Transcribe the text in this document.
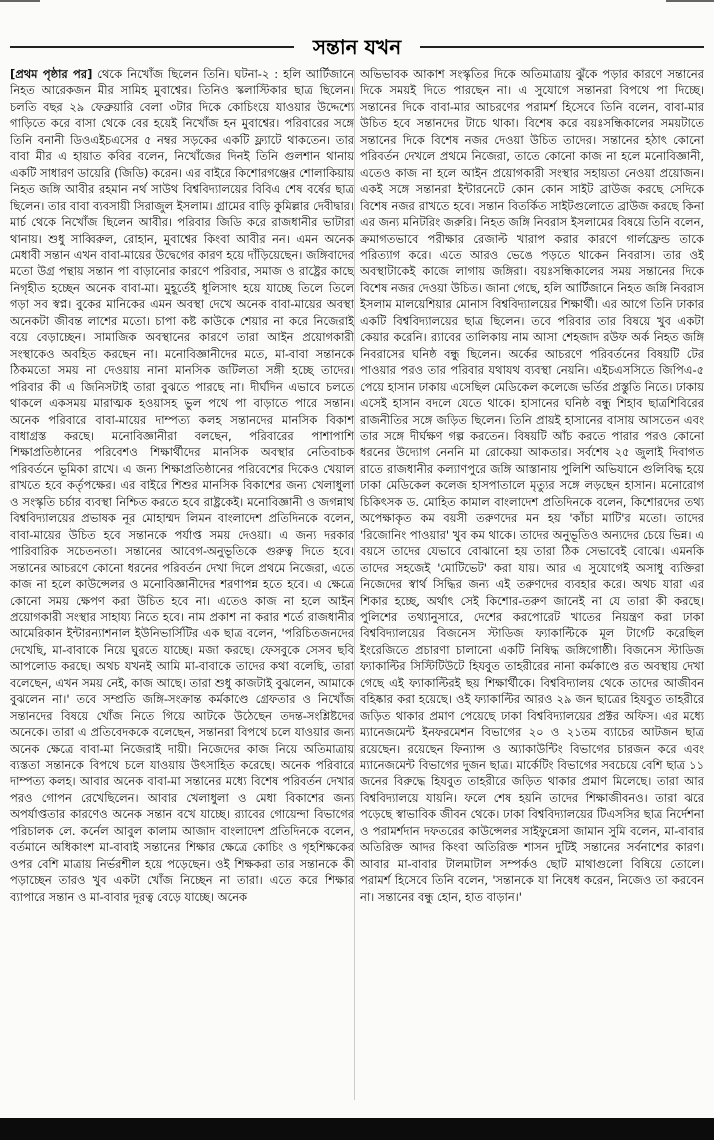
সন্তান যখন

[প্রথম পৃষ্ঠার পর] থেকে নিখোঁজ ছিলেন তিনি। ঘটনা-২ : হলি আর্টিজানে নিহত আরেকজন মীর সামিহ মুবাশ্বের। তিনিও স্কলাস্টিকার ছাত্র ছিলেন। চলতি বছর ২৯ ফেব্রুয়ারি বেলা ৩টার দিকে কোচিংয়ে যাওয়ার উদ্দেশ্যে গাড়িতে করে বাসা থেকে বের হয়েই নিখোঁজ হন মুবাশ্বের। পরিবারের সঙ্গে তিনি বনানী ডিওএইচএসের ৫ নম্বর সড়কের একটি ফ্ল্যাটে থাকতেন। তার বাবা মীর এ হায়াত কবির বলেন, নিখোঁজের দিনই তিনি গুলশান থানায় একটি সাধারণ ডায়েরি (জিডি) করেন। এর বাইরে কিশোরগঞ্জের শোলাকিয়ায় নিহত জঙ্গি আবীর রহমান নর্থ সাউথ বিশ্ববিদ্যালয়ের বিবিএ শেষ বর্ষের ছাত্র ছিলেন। তার বাবা ব্যবসায়ী সিরাজুল ইসলাম। গ্রামের বাড়ি কুমিল্লার দেবীদ্বার। মার্চ থেকে নিখোঁজ ছিলেন আবীর। পরিবার জিডি করে রাজধানীর ভাটারা থানায়। শুধু সাব্বিরুল, রোহান, মুবাশ্বের কিংবা আবীর নন। এমন অনেক মেধাবী সন্তান এখন বাবা-মায়ের উদ্বেগের কারণ হয়ে দাঁড়িয়েছেন। জঙ্গিবাদের মতো উগ্র পন্থায় সন্তান পা বাড়ানোর কারণে পরিবার, সমাজ ও রাষ্ট্রের কাছে নিগৃহীত হচ্ছেন অনেক বাবা-মা। মুহূর্তেই ধূলিসাৎ হয়ে যাচ্ছে তিলে তিলে গড়া সব স্বপ্ন। বুকের মানিকের এমন অবস্থা দেখে অনেক বাবা-মায়ের অবস্থা অনেকটা জীবন্ত লাশের মতো। চাপা কষ্ট কাউকে শেয়ার না করে নিজেরাই বয়ে বেড়াচ্ছেন। সামাজিক অবস্থানের কারণে তারা আইন প্রয়োগকারী সংস্থাকেও অবহিত করছেন না। মনোবিজ্ঞানীদের মতে, মা-বাবা সন্তানকে ঠিকমতো সময় না দেওয়ায় নানা মানসিক জটিলতা সঙ্গী হচ্ছে তাদের। পরিবার কী এ জিনিসটাই তারা বুঝতে পারছে না। দীর্ঘদিন এভাবে চলতে থাকলে একসময় মারাত্মক হওয়াসহ ভুল পথে পা বাড়াতে পারে সন্তান। অনেক পরিবারে বাবা-মায়ের দাম্পত্য কলহ সন্তানদের মানসিক বিকাশ বাধাগ্রস্ত করছে। মনোবিজ্ঞানীরা বলছেন, পরিবারের পাশাপাশি শিক্ষাপ্রতিষ্ঠানের পরিবেশও শিক্ষার্থীদের মানসিক অবস্থার নেতিবাচক পরিবর্তনে ভূমিকা রাখে। এ জন্য শিক্ষাপ্রতিষ্ঠানের পরিবেশের দিকেও খেয়াল রাখতে হবে কর্তৃপক্ষের। এর বাইরে শিশুর মানসিক বিকাশের জন্য খেলাধুলা ও সংস্কৃতি চর্চার ব্যবস্থা নিশ্চিত করতে হবে রাষ্ট্রকেই। মনোবিজ্ঞানী ও জগন্নাথ বিশ্ববিদ্যালয়ের প্রভাষক নূর মোহাম্মদ লিমন বাংলাদেশ প্রতিদিনকে বলেন, বাবা-মায়ের উচিত হবে সন্তানকে পর্যাপ্ত সময় দেওয়া। এ জন্য দরকার পারিবারিক সচেতনতা। সন্তানের আবেগ-অনুভূতিকে গুরুত্ব দিতে হবে। সন্তানের আচরণে কোনো ধরনের পরিবর্তন দেখা দিলে প্রথমে নিজেরা, এতে কাজ না হলে কাউন্সেলর ও মনোবিজ্ঞানীদের শরণাপন্ন হতে হবে। এ ক্ষেত্রে কোনো সময় ক্ষেপণ করা উচিত হবে না। এতেও কাজ না হলে আইন প্রয়োগকারী সংস্থার সাহায্য নিতে হবে। নাম প্রকাশ না করার শর্তে রাজধানীর আমেরিকান ইন্টারন্যাশনাল ইউনিভার্সিটির এক ছাত্র বলেন, 'পরিচিতজনদের দেখেছি, মা-বাবাকে নিয়ে ঘুরতে যাচ্ছে। মজা করছে। ফেসবুকে সেসব ছবি আপলোড করছে। অথচ যখনই আমি মা-বাবাকে তাদের কথা বলেছি, তারা বলেছেন, এখন সময় নেই, কাজ আছে। তারা শুধু কাজটাই বুঝলেন, আমাকে বুঝলেন না।' তবে সম্প্রতি জঙ্গি-সংক্রান্ত কর্মকাণ্ডে গ্রেফতার ও নিখোঁজ সন্তানদের বিষয়ে খোঁজ নিতে গিয়ে আটকে উঠেছেন তদন্ত-সংশ্লিষ্টদের অনেকে। তারা এ প্রতিবেদককে বলেছেন, সন্তানরা বিপথে চলে যাওয়ার জন্য অনেক ক্ষেত্রে বাবা-মা নিজেরাই দায়ী। নিজেদের কাজ নিয়ে অতিমাত্রায় ব্যস্ততা সন্তানকে বিপথে চলে যাওয়ায় উৎসাহিত করেছে। অনেক পরিবারে দাম্পত্য কলহ। আবার অনেক বাবা-মা সন্তানের মধ্যে বিশেষ পরিবর্তন দেখার পরও গোপন রেখেছিলেন। আবার খেলাধুলা ও মেধা বিকাশের জন্য অপর্যাপ্ততার কারণেও অনেক সন্তান বখে যাচ্ছে। র‍্যাবের গোয়েন্দা বিভাগের পরিচালক লে. কর্নেল আবুল কালাম আজাদ বাংলাদেশ প্রতিদিনকে বলেন, বর্তমানে অধিকাংশ মা-বাবাই সন্তানের শিক্ষার ক্ষেত্রে কোচিং ও গৃহশিক্ষকের ওপর বেশি মাত্রায় নির্ভরশীল হয়ে পড়েছেন। ওই শিক্ষকরা তার সন্তানকে কী পড়াচ্ছেন তারও খুব একটা খোঁজ নিচ্ছেন না তারা। এতে করে শিক্ষার ব্যাপারে সন্তান ও মা-বাবার দূরত্ব বেড়ে যাচ্ছে। অনেক

অভিভাবক আকাশ সংস্কৃতির দিকে অতিমাত্রায় ঝুঁকে পড়ার কারণে সন্তানের দিকে সময়ই দিতে পারছেন না। এ সুযোগে সন্তানরা বিপথে পা দিচ্ছে। সন্তানের দিকে বাবা-মার আচরণের পরামর্শ হিসেবে তিনি বলেন, বাবা-মার উচিত হবে সন্তানদের টাচে থাকা। বিশেষ করে বয়ঃসন্ধিকালের সময়টাতে সন্তানের দিকে বিশেষ নজর দেওয়া উচিত তাদের। সন্তানের হঠাৎ কোনো পরিবর্তন দেখলে প্রথমে নিজেরা, তাতে কোনো কাজ না হলে মনোবিজ্ঞানী, এতেও কাজ না হলে আইন প্রয়োগকারী সংস্থার সহায়তা নেওয়া প্রয়োজন। একই সঙ্গে সন্তানরা ইন্টারনেটে কোন কোন সাইট ব্রাউজ করছে সেদিকে বিশেষ নজর রাখতে হবে। সন্তান বিতর্কিত সাইটগুলোতে ব্রাউজ করছে কিনা এর জন্য মনিটরিং জরুরি। নিহত জঙ্গি নিবরাস ইসলামের বিষয়ে তিনি বলেন, ক্রমাগতভাবে পরীক্ষার রেজাল্ট খারাপ করার কারণে গার্লফ্রেন্ড তাকে পরিত্যাগ করে। এতে আরও ভেঙে পড়তে থাকেন নিবরাস। তার ওই অবস্থাটাকেই কাজে লাগায় জঙ্গিরা। বয়ঃসন্ধিকালের সময় সন্তানের দিকে বিশেষ নজর দেওয়া উচিত। জানা গেছে, হলি আর্টিজানে নিহত জঙ্গি নিবরাস ইসলাম মালয়েশিয়ার মোনাস বিশ্ববিদ্যালয়ের শিক্ষার্থী। এর আগে তিনি ঢাকার একটি বিশ্ববিদ্যালয়ের ছাত্র ছিলেন। তবে পরিবার তার বিষয়ে খুব একটা কেয়ার করেনি। র‍্যাবের তালিকায় নাম আসা শেহজাদ রউফ অর্ক নিহত জঙ্গি নিবরাসের ঘনিষ্ঠ বন্ধু ছিলেন। অর্কের আচরণে পরিবর্তনের বিষয়টি টের পাওয়ার পরও তার পরিবার যথাযথ ব্যবস্থা নেয়নি। এইচএসসিতে জিপিএ-৫ পেয়ে হাসান ঢাকায় এসেছিল মেডিকেল কলেজে ভর্তির প্রস্তুতি নিতে। ঢাকায় এসেই হাসান বদলে যেতে থাকে। হাসানের ঘনিষ্ঠ বন্ধু শিহাব ছাত্রশিবিরের রাজনীতির সঙ্গে জড়িত ছিলেন। তিনি প্রায়ই হাসানের বাসায় আসতেন এবং তার সঙ্গে দীর্ঘক্ষণ গল্প করতেন। বিষয়টি আঁচ করতে পারার পরও কোনো ধরনের উদ্যোগ নেননি মা রোকেয়া আকতার। সর্বশেষ ২৫ জুলাই দিবাগত রাতে রাজধানীর কল্যাণপুরে জঙ্গি আস্তানায় পুলিশি অভিযানে গুলিবিদ্ধ হয়ে ঢাকা মেডিকেল কলেজ হাসপাতালে মৃত্যুর সঙ্গে লড়ছেন হাসান। মনোরোগ চিকিৎসক ড. মোহিত কামাল বাংলাদেশ প্রতিদিনকে বলেন, কিশোরদের তথ্য অপেক্ষাকৃত কম বয়সী তরুণদের মন হয় 'কাঁচা মাটি'র মতো। তাদের 'রিজোনিং পাওয়ার' খুব কম থাকে। তাদের অনুভূতিও অন্যদের চেয়ে ভিন্ন। এ বয়সে তাদের যেভাবে বোঝানো হয় তারা ঠিক সেভাবেই বোঝে। এমনকি তাদের সহজেই 'মোটিভেট' করা যায়। আর এ সুযোগেই অসাধু ব্যক্তিরা নিজেদের স্বার্থ সিদ্ধির জন্য এই তরুণদের ব্যবহার করে। অথচ যারা এর শিকার হচ্ছে, অর্থাৎ সেই কিশোর-তরুণ জানেই না যে তারা কী করছে। পুলিশের তথ্যানুসারে, দেশের করপোরেট খাতের নিয়ন্ত্রণ করা ঢাকা বিশ্ববিদ্যালয়ের বিজনেস স্টাডিজ ফ্যাকাল্টিকে মূল টার্গেট করেছিল ইংরেজিতে প্রচারণা চালানো একটি নিষিদ্ধ জঙ্গিগোষ্ঠী। বিজনেস স্টাডিজ ফ্যাকাল্টির সিস্টিটিউটে হিযবুত তাহরীরের নানা কর্মকাণ্ডে রত অবস্থায় দেখা গেছে এই ফ্যাকাল্টিরই ছয় শিক্ষার্থীকে। বিশ্ববিদ্যালয় থেকে তাদের আজীবন বহিষ্কার করা হয়েছে। ওই ফ্যাকাল্টির আরও ২৯ জন ছাত্রের হিযবুত তাহরীরে জড়িত থাকার প্রমাণ পেয়েছে ঢাকা বিশ্ববিদ্যালয়ের প্রক্টর অফিস। এর মধ্যে ম্যানেজমেন্ট ইনফরমেশন বিভাগের ২০ ও ২১তম ব্যাচের আটজন ছাত্র রয়েছেন। রয়েছেন ফিন্যান্স ও অ্যাকাউন্টিং বিভাগের চারজন করে এবং ম্যানেজমেন্ট বিভাগের দুজন ছাত্র। মার্কেটিং বিভাগের সবচেয়ে বেশি ছাত্র ১১ জনের বিরুদ্ধে হিযবুত তাহরীরে জড়িত থাকার প্রমাণ মিলেছে। তারা আর বিশ্ববিদ্যালয়ে যায়নি। ফলে শেষ হয়নি তাদের শিক্ষাজীবনও। তারা ঝরে পড়েছে স্বাভাবিক জীবন থেকে। ঢাকা বিশ্ববিদ্যালয়ের টিএসসির ছাত্র নির্দেশনা ও পরামর্শদান দফতরের কাউন্সেলর সাইফুন্নেসা জামান সুমি বলেন, মা-বাবার অতিরিক্ত আদর কিংবা অতিরিক্ত শাসন দুটিই সন্তানের সর্বনাশের কারণ। আবার মা-বাবার টালমাটাল সম্পর্কও ছোট মাথাগুলো বিষিয়ে তোলে। পরামর্শ হিসেবে তিনি বলেন, 'সন্তানকে যা নিষেধ করেন, নিজেও তা করবেন না। সন্তানের বন্ধু হোন, হাত বাড়ান।'
